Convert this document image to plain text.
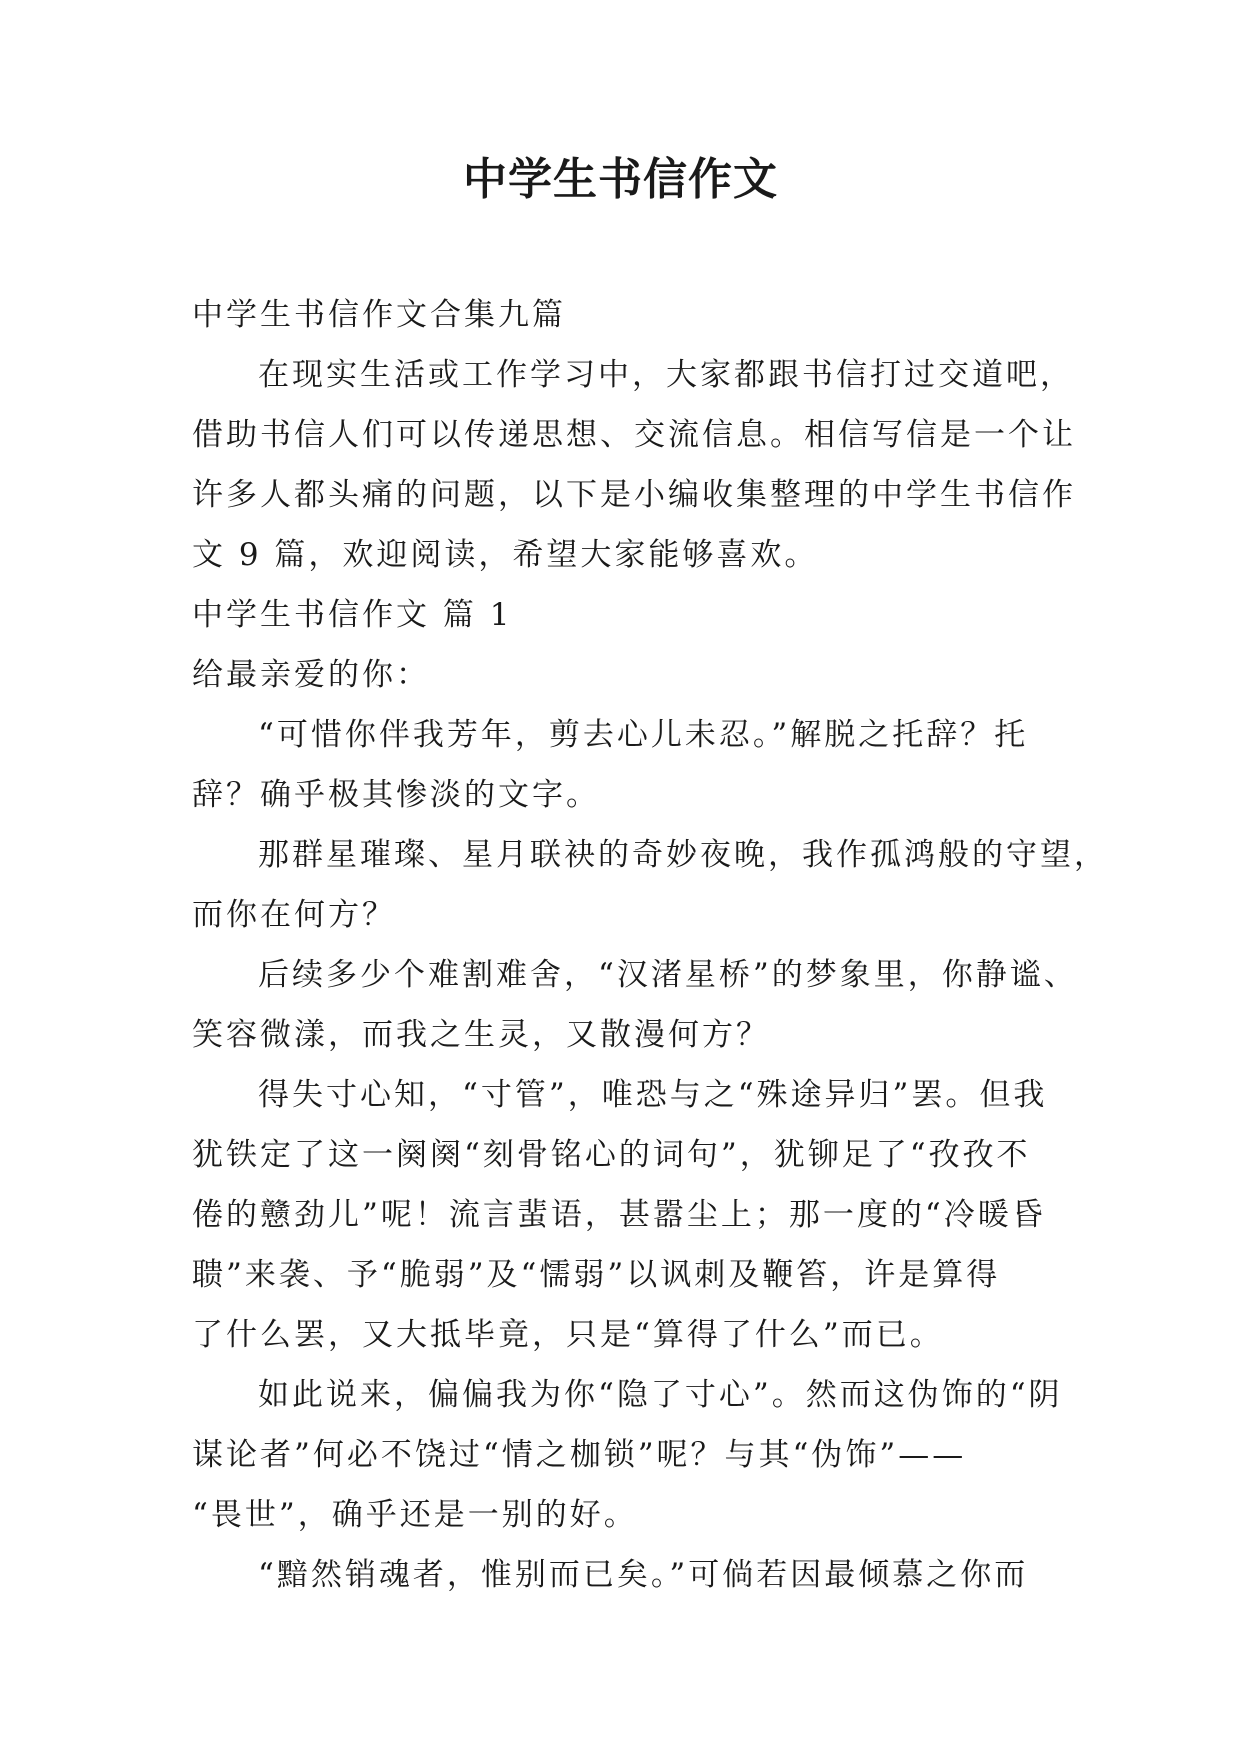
中学生书信作文
中学生书信作文合集九篇
在现实生活或工作学习中，大家都跟书信打过交道吧，
借助书信人们可以传递思想、交流信息。相信写信是一个让
许多人都头痛的问题，以下是小编收集整理的中学生书信作
文 9 篇，欢迎阅读，希望大家能够喜欢。
中学生书信作文 篇 1
给最亲爱的你：
“可惜你伴我芳年，剪去心儿未忍。”解脱之托辞？托
辞？确乎极其惨淡的文字。
那群星璀璨、星月联袂的奇妙夜晚，我作孤鸿般的守望，
而你在何方？
后续多少个难割难舍，“汉渚星桥”的梦象里，你静谧、
笑容微漾，而我之生灵，又散漫何方？
得失寸心知，“寸管”，唯恐与之“殊途异归”罢。但我
犹铁定了这一阕阕“刻骨铭心的词句”，犹铆足了“孜孜不
倦的戆劲儿”呢！流言蜚语，甚嚣尘上；那一度的“冷暖昏
聩”来袭、予“脆弱”及“懦弱”以讽刺及鞭笞，许是算得
了什么罢，又大抵毕竟，只是“算得了什么”而已。
如此说来，偏偏我为你“隐了寸心”。然而这伪饰的“阴
谋论者”何必不饶过“情之枷锁”呢？与其“伪饰”——
“畏世”，确乎还是一别的好。
“黯然销魂者，惟别而已矣。”可倘若因最倾慕之你而
